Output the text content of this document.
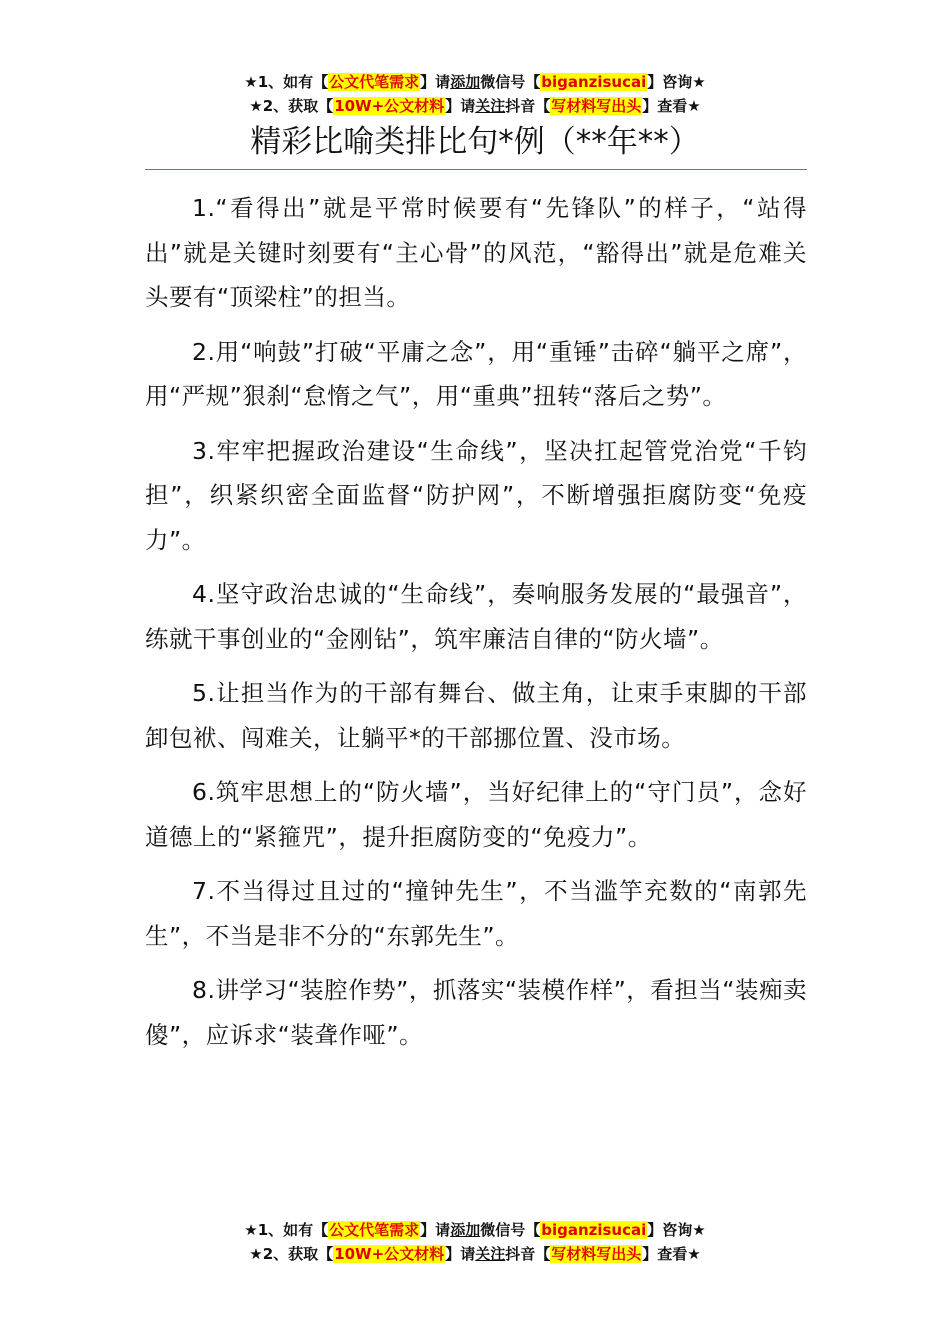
★1、如有【公文代笔需求】请添加微信号【biganzisucai】咨询★
★2、获取【10W+公文材料】请关注抖音【写材料写出头】查看★
精彩比喻类排比句*例（**年**）

1.“看得出”就是平常时候要有“先锋队”的样子，“站得出”就是关键时刻要有“主心骨”的风范，“豁得出”就是危难关头要有“顶梁柱”的担当。

2.用“响鼓”打破“平庸之念”，用“重锤”击碎“躺平之席”，用“严规”狠刹“怠惰之气”，用“重典”扭转“落后之势”。

3.牢牢把握政治建设“生命线”，坚决扛起管党治党“千钧担”，织紧织密全面监督“防护网”，不断增强拒腐防变“免疫力”。

4.坚守政治忠诚的“生命线”，奏响服务发展的“最强音”，练就干事创业的“金刚钻”，筑牢廉洁自律的“防火墙”。

5.让担当作为的干部有舞台、做主角，让束手束脚的干部卸包袱、闯难关，让躺平*的干部挪位置、没市场。

6.筑牢思想上的“防火墙”，当好纪律上的“守门员”，念好道德上的“紧箍咒”，提升拒腐防变的“免疫力”。

7.不当得过且过的“撞钟先生”，不当滥竽充数的“南郭先生”，不当是非不分的“东郭先生”。

8.讲学习“装腔作势”，抓落实“装模作样”，看担当“装痴卖傻”，应诉求“装聋作哑”。

★1、如有【公文代笔需求】请添加微信号【biganzisucai】咨询★
★2、获取【10W+公文材料】请关注抖音【写材料写出头】查看★
